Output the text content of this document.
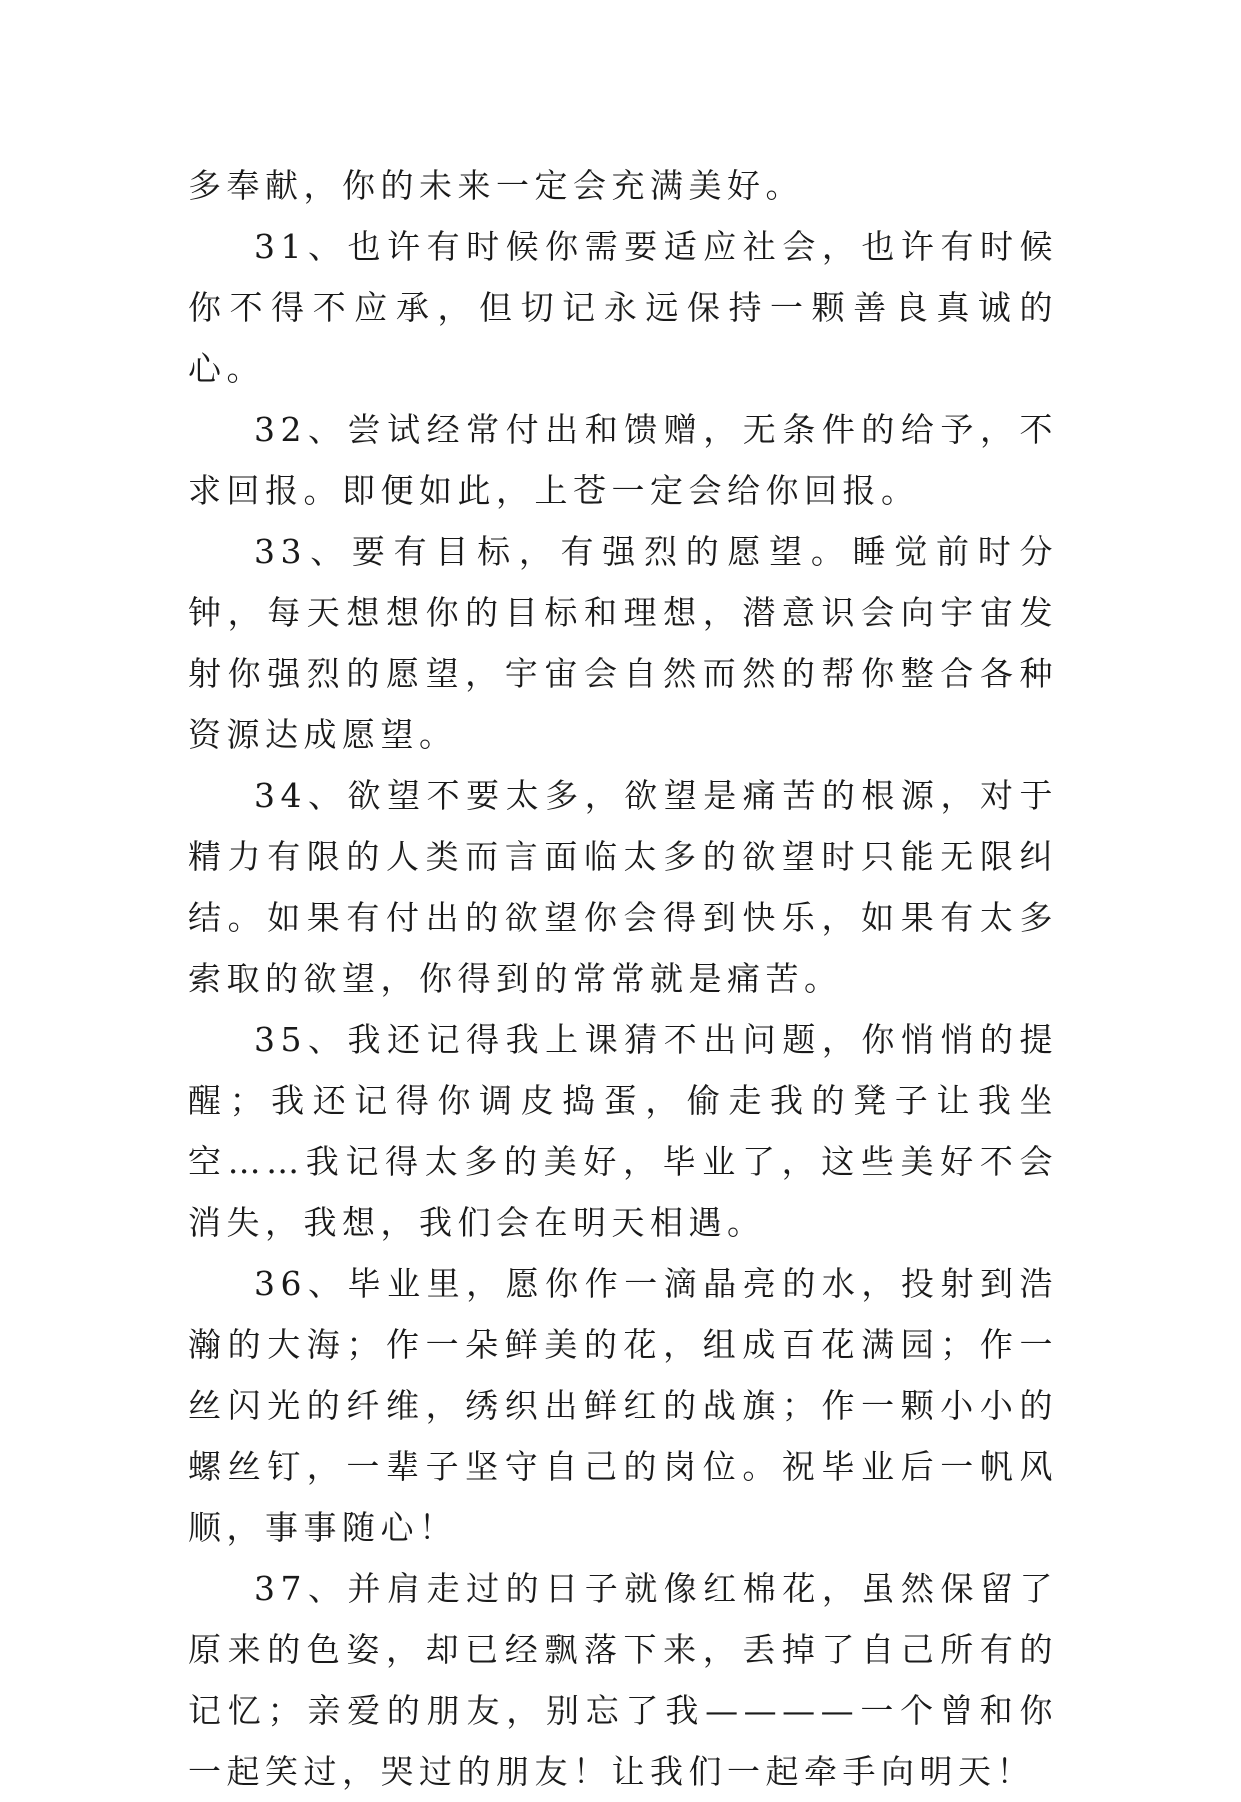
多奉献，你的未来一定会充满美好。

31、也许有时候你需要适应社会，也许有时候你不得不应承，但切记永远保持一颗善良真诚的心。

32、尝试经常付出和馈赠，无条件的给予，不求回报。即便如此，上苍一定会给你回报。

33、要有目标，有强烈的愿望。睡觉前时分钟，每天想想你的目标和理想，潜意识会向宇宙发射你强烈的愿望，宇宙会自然而然的帮你整合各种资源达成愿望。

34、欲望不要太多，欲望是痛苦的根源，对于精力有限的人类而言面临太多的欲望时只能无限纠结。如果有付出的欲望你会得到快乐，如果有太多索取的欲望，你得到的常常就是痛苦。

35、我还记得我上课猜不出问题，你悄悄的提醒；我还记得你调皮捣蛋，偷走我的凳子让我坐空……我记得太多的美好，毕业了，这些美好不会消失，我想，我们会在明天相遇。

36、毕业里，愿你作一滴晶亮的水，投射到浩瀚的大海；作一朵鲜美的花，组成百花满园；作一丝闪光的纤维，绣织出鲜红的战旗；作一颗小小的螺丝钉，一辈子坚守自己的岗位。祝毕业后一帆风顺，事事随心！

37、并肩走过的日子就像红棉花，虽然保留了原来的色姿，却已经飘落下来，丢掉了自己所有的记忆；亲爱的朋友，别忘了我————一个曾和你一起笑过，哭过的朋友！让我们一起牵手向明天！
